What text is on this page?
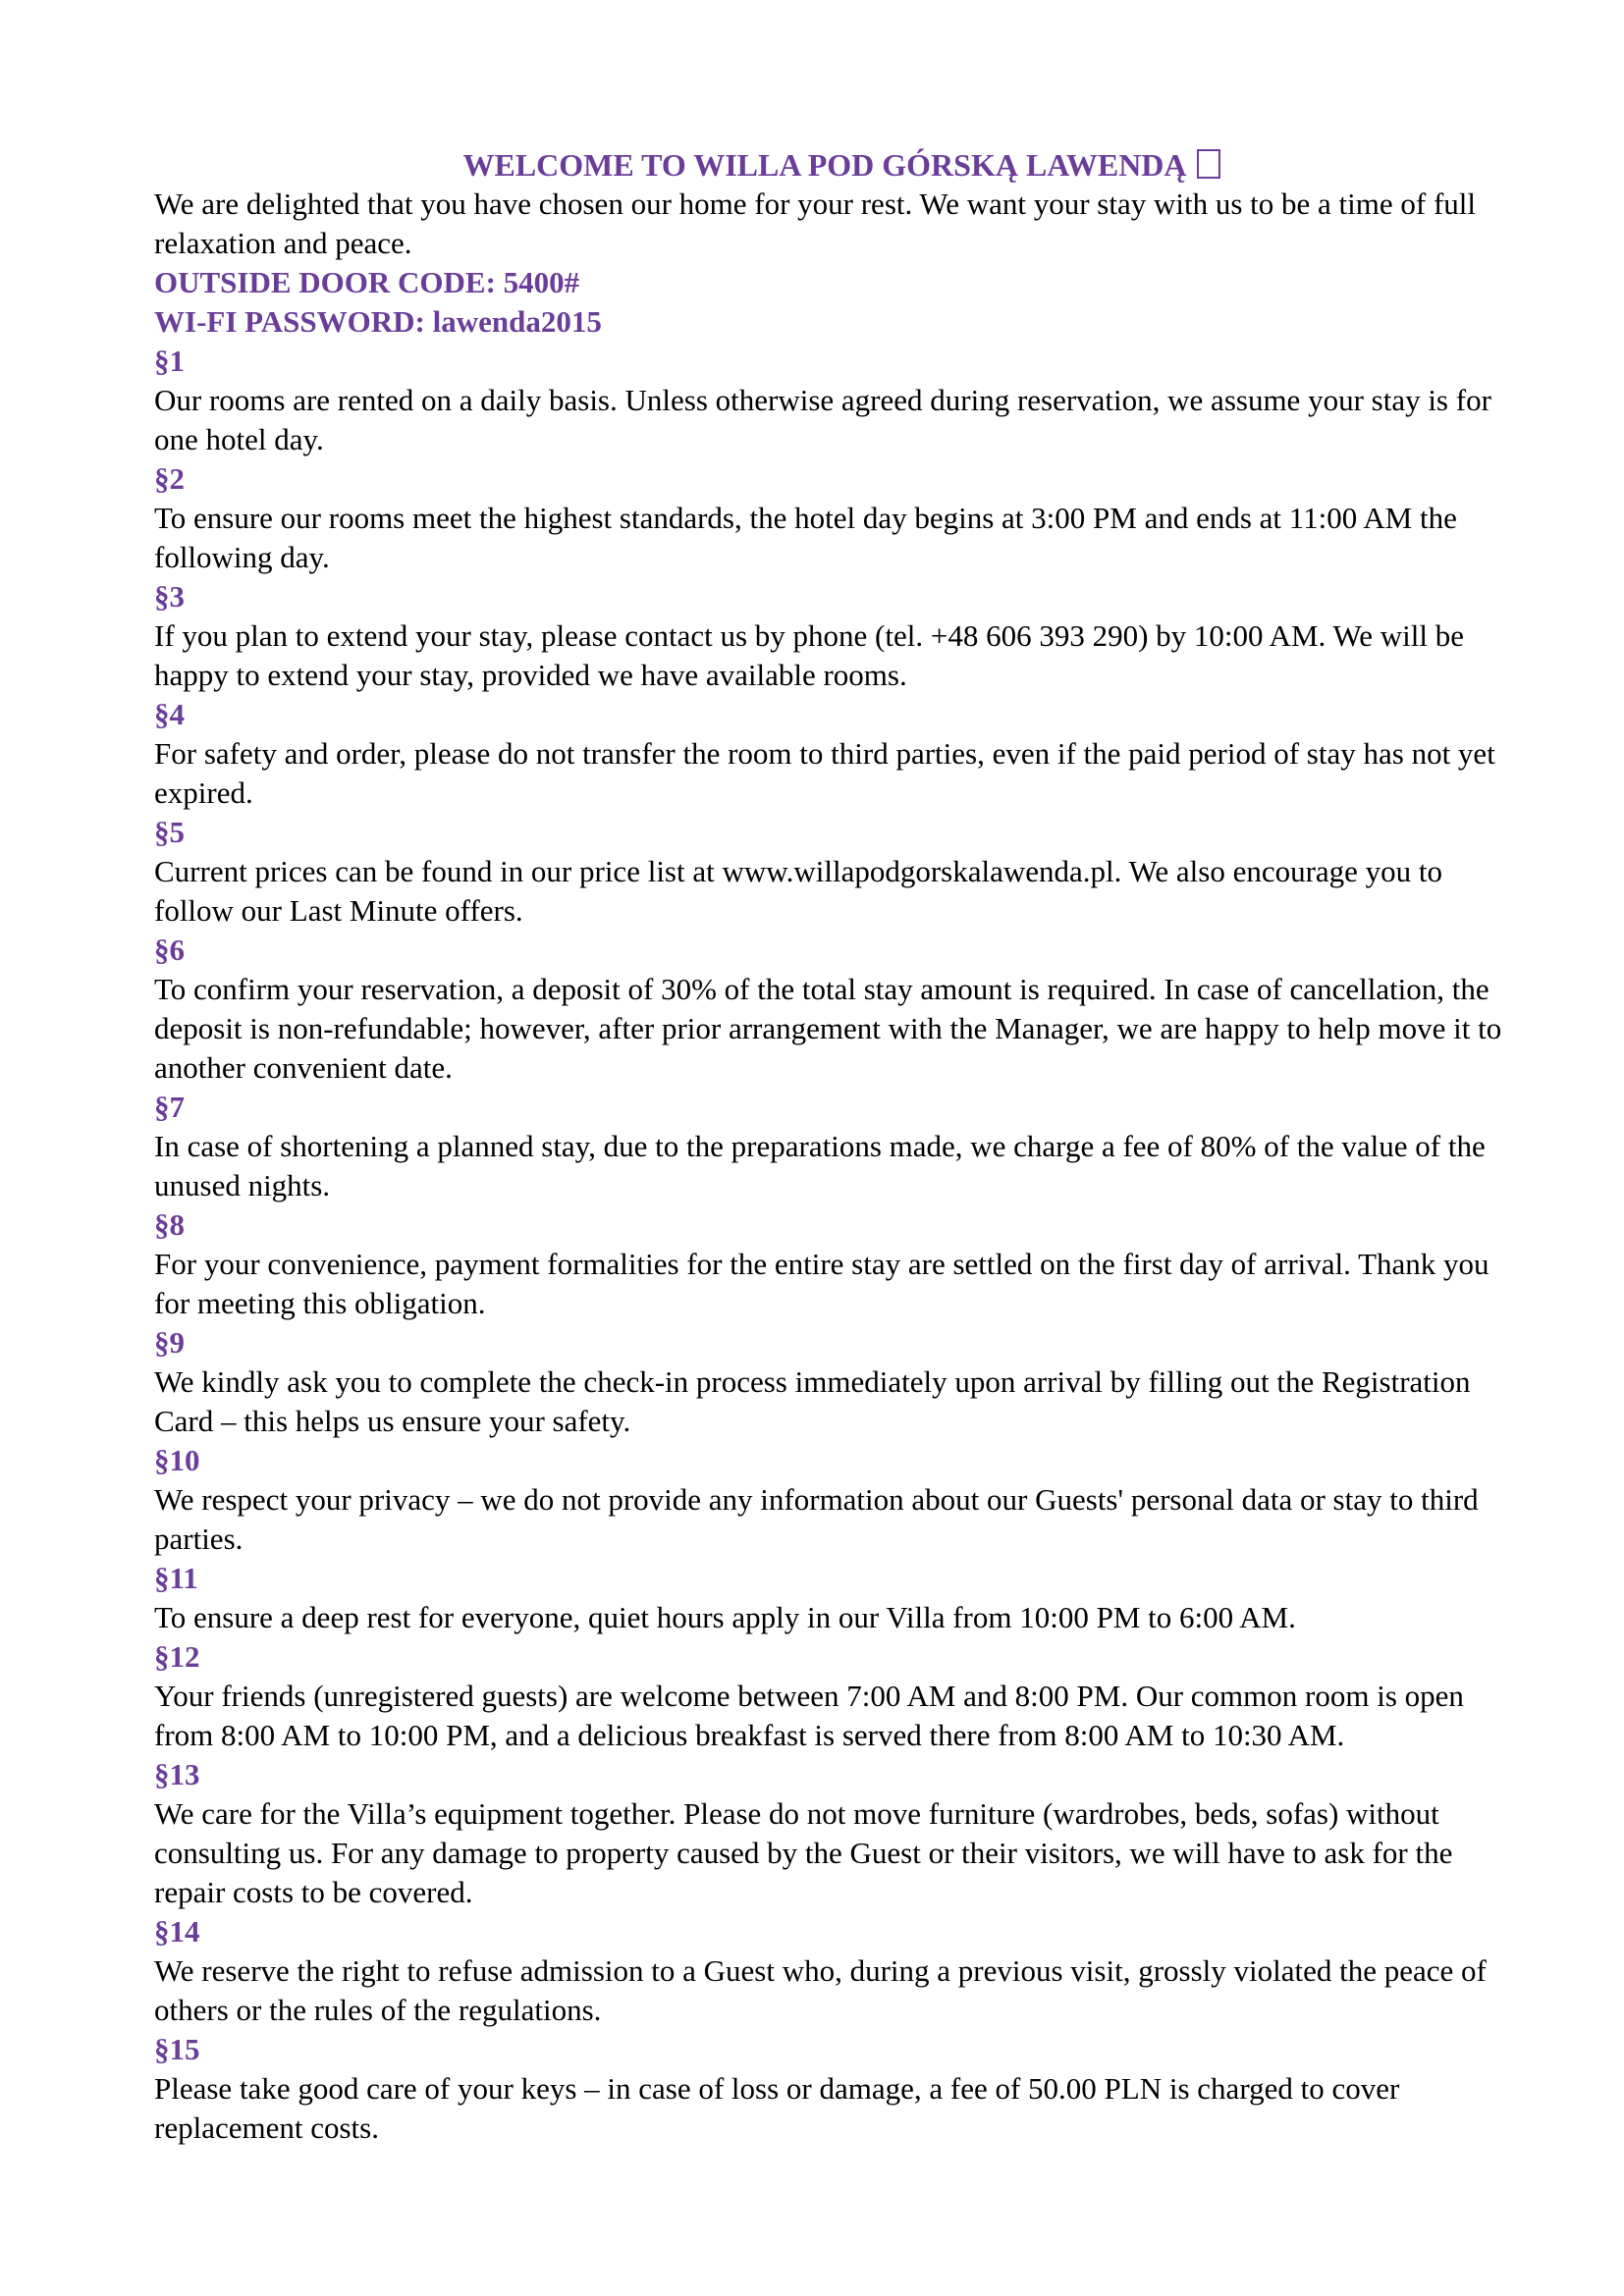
WELCOME TO WILLA POD GÓRSKĄ LAWENDĄ

We are delighted that you have chosen our home for your rest. We want your stay with us to be a time of full relaxation and peace.

OUTSIDE DOOR CODE: 5400#

WI-FI PASSWORD: lawenda2015

§1

Our rooms are rented on a daily basis. Unless otherwise agreed during reservation, we assume your stay is for one hotel day.

§2

To ensure our rooms meet the highest standards, the hotel day begins at 3:00 PM and ends at 11:00 AM the following day.

§3

If you plan to extend your stay, please contact us by phone (tel. +48 606 393 290) by 10:00 AM. We will be happy to extend your stay, provided we have available rooms.

§4

For safety and order, please do not transfer the room to third parties, even if the paid period of stay has not yet expired.

§5

Current prices can be found in our price list at www.willapodgorskalawenda.pl. We also encourage you to follow our Last Minute offers.

§6

To confirm your reservation, a deposit of 30% of the total stay amount is required. In case of cancellation, the deposit is non-refundable; however, after prior arrangement with the Manager, we are happy to help move it to another convenient date.

§7

In case of shortening a planned stay, due to the preparations made, we charge a fee of 80% of the value of the unused nights.

§8

For your convenience, payment formalities for the entire stay are settled on the first day of arrival. Thank you for meeting this obligation.

§9

We kindly ask you to complete the check-in process immediately upon arrival by filling out the Registration Card – this helps us ensure your safety.

§10

We respect your privacy – we do not provide any information about our Guests' personal data or stay to third parties.

§11

To ensure a deep rest for everyone, quiet hours apply in our Villa from 10:00 PM to 6:00 AM.

§12

Your friends (unregistered guests) are welcome between 7:00 AM and 8:00 PM. Our common room is open from 8:00 AM to 10:00 PM, and a delicious breakfast is served there from 8:00 AM to 10:30 AM.

§13

We care for the Villa’s equipment together. Please do not move furniture (wardrobes, beds, sofas) without consulting us. For any damage to property caused by the Guest or their visitors, we will have to ask for the repair costs to be covered.

§14

We reserve the right to refuse admission to a Guest who, during a previous visit, grossly violated the peace of others or the rules of the regulations.

§15

Please take good care of your keys – in case of loss or damage, a fee of 50.00 PLN is charged to cover replacement costs.
